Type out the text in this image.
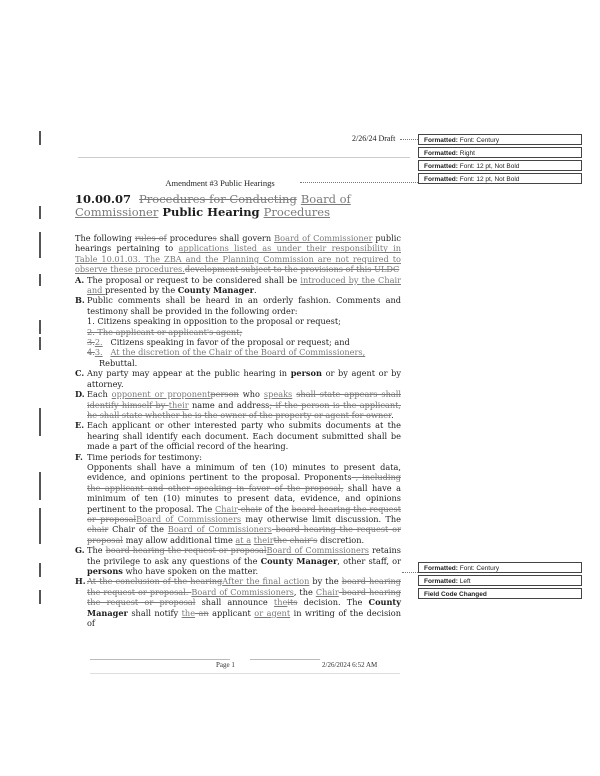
2/26/24 Draft
Amendment #3 Public Hearings
Formatted: Font: Century
Formatted: Right
Formatted: Font: 12 pt, Not Bold
Formatted: Font: 12 pt, Not Bold
10.00.07 Procedures for Conducting Board of Commissioner Public Hearing Procedures

The following rules of procedures shall govern Board of Commissioner public hearings pertaining to applications listed as under their responsibility in Table 10.01.03. The ZBA and the Planning Commission are not required to observe these procedures.development subject to the provisions of this ULDC

A. The proposal or request to be considered shall be introduced by the Chair and presented by the County Manager.
B. Public comments shall be heard in an orderly fashion. Comments and testimony shall be provided in the following order:
1. Citizens speaking in opposition to the proposal or request;
2. The applicant or applicant's agent;
3.2. Citizens speaking in favor of the proposal or request; and
4.3. At the discretion of the Chair of the Board of Commissioners,
Rebuttal.
C. Any party may appear at the public hearing in person or by agent or by attorney.
D. Each opponent or proponentperson who speaks shall state appears shall identify himself by their name and address; if the person is the applicant, he shall state whether he is the owner of the property or agent for owner.
E. Each applicant or other interested party who submits documents at the hearing shall identify each document. Each document submitted shall be made a part of the official record of the hearing.
F. Time periods for testimony:
Opponents shall have a minimum of ten (10) minutes to present data, evidence, and opinions pertinent to the proposal. Proponents , including the applicant and other speaking in favor of the proposal, shall have a minimum of ten (10) minutes to present data, evidence, and opinions pertinent to the proposal. The Chair chair of the board hearing the request or proposalBoard of Commissioners may otherwise limit discussion. The chair Chair of the Board of Commissioners board hearing the request or proposal may allow additional time at a theirthe chair's discretion.
G. The board hearing the request or proposalBoard of Commissioners retains the privilege to ask any questions of the County Manager, other staff, or persons who have spoken on the matter.
H. At the conclusion of the hearingAfter the final action by the board hearing the request or proposal. Board of Commissioners, the Chair board hearing the request or proposal shall announce theits decision. The County Manager shall notify the an applicant or agent in writing of the decision of
Formatted: Font: Century
Formatted: Left
Field Code Changed
Page 1	2/26/2024 6:52 AM
